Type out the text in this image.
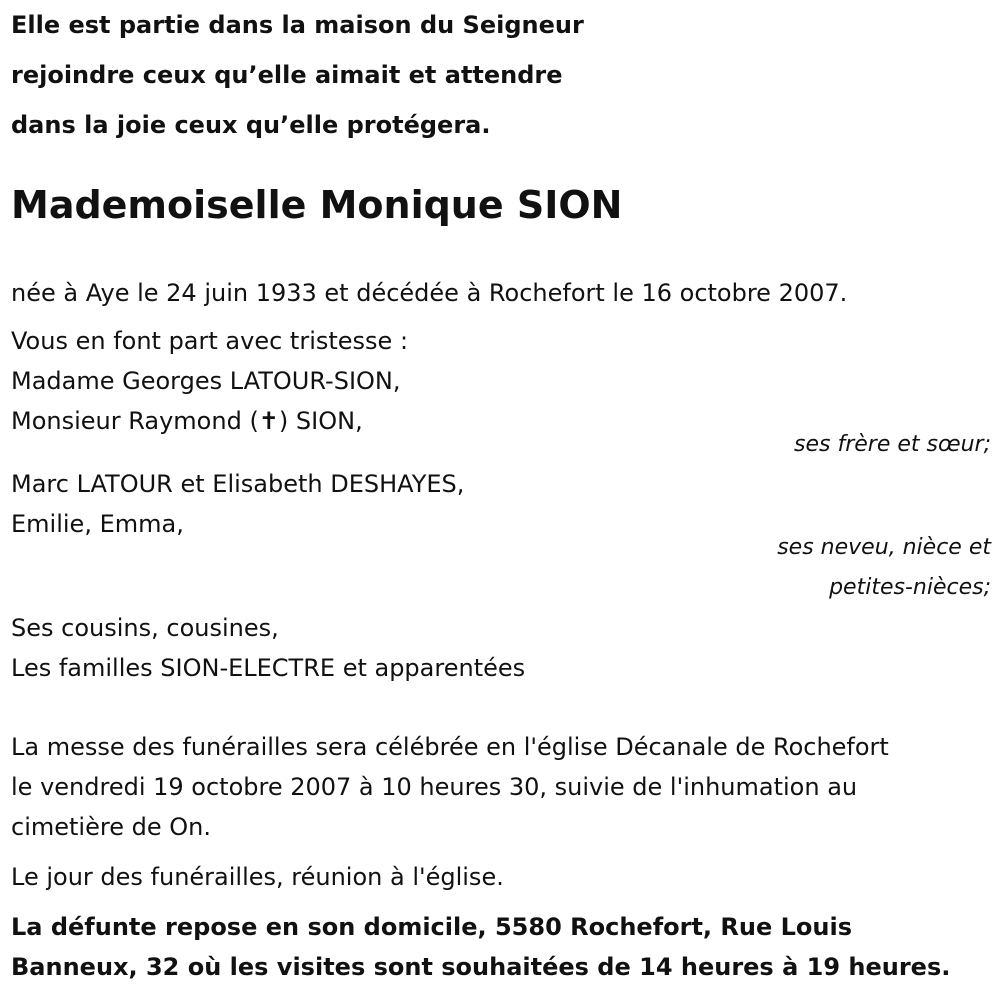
Elle est partie dans la maison du Seigneur
rejoindre ceux qu’elle aimait et attendre
dans la joie ceux qu’elle protégera.
Mademoiselle Monique SION
née à Aye le 24 juin 1933 et décédée à Rochefort le 16 octobre 2007.
Vous en font part avec tristesse :
Madame Georges LATOUR-SION,
Monsieur Raymond (✝) SION,
ses frère et sœur;
Marc LATOUR et Elisabeth DESHAYES,
Emilie, Emma,
ses neveu, nièce et
petites-nièces;
Ses cousins, cousines,
Les familles SION-ELECTRE et apparentées
La messe des funérailles sera célébrée en l'église Décanale de Rochefort
le vendredi 19 octobre 2007 à 10 heures 30, suivie de l'inhumation au
cimetière de On.
Le jour des funérailles, réunion à l'église.
La défunte repose en son domicile, 5580 Rochefort, Rue Louis
Banneux, 32 où les visites sont souhaitées de 14 heures à 19 heures.
